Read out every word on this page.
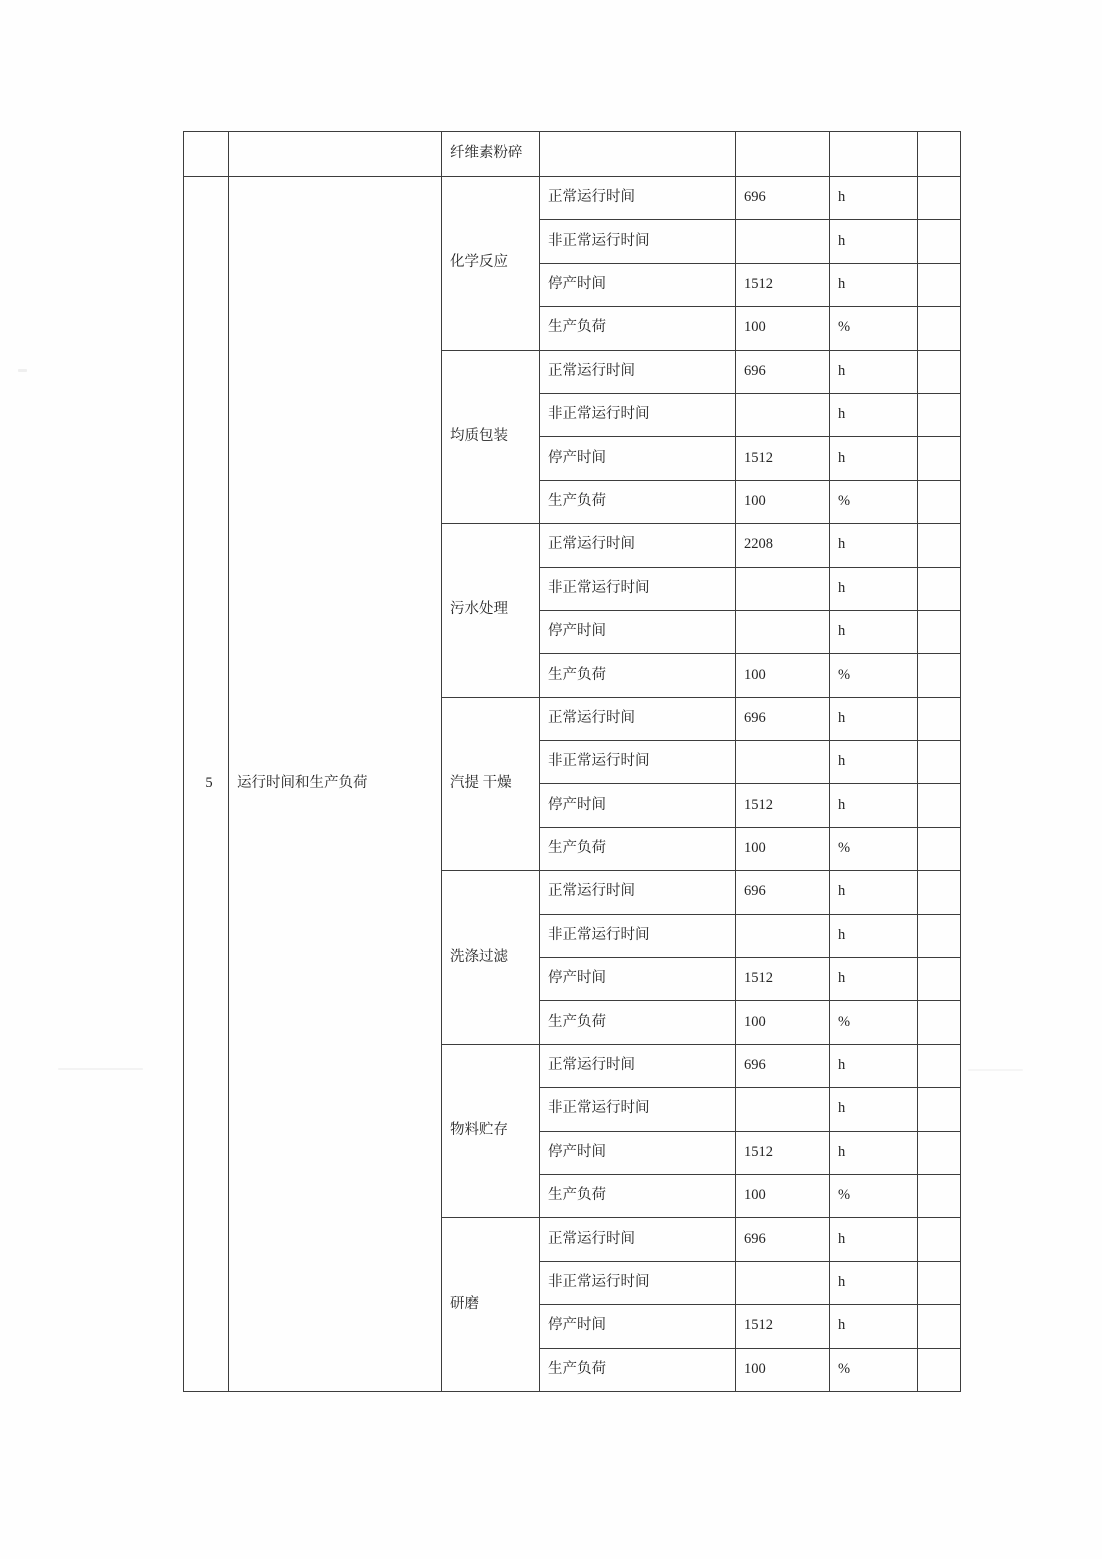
		纤维素粉碎				
5	运行时间和生产负荷	化学反应	正常运行时间	696	h	
			非正常运行时间		h	
			停产时间	1512	h	
			生产负荷	100	%	
		均质包装	正常运行时间	696	h	
			非正常运行时间		h	
			停产时间	1512	h	
			生产负荷	100	%	
		污水处理	正常运行时间	2208	h	
			非正常运行时间		h	
			停产时间		h	
			生产负荷	100	%	
		汽提 干燥	正常运行时间	696	h	
			非正常运行时间		h	
			停产时间	1512	h	
			生产负荷	100	%	
		洗涤过滤	正常运行时间	696	h	
			非正常运行时间		h	
			停产时间	1512	h	
			生产负荷	100	%	
		物料贮存	正常运行时间	696	h	
			非正常运行时间		h	
			停产时间	1512	h	
			生产负荷	100	%	
		研磨	正常运行时间	696	h	
			非正常运行时间		h	
			停产时间	1512	h	
			生产负荷	100	%	
